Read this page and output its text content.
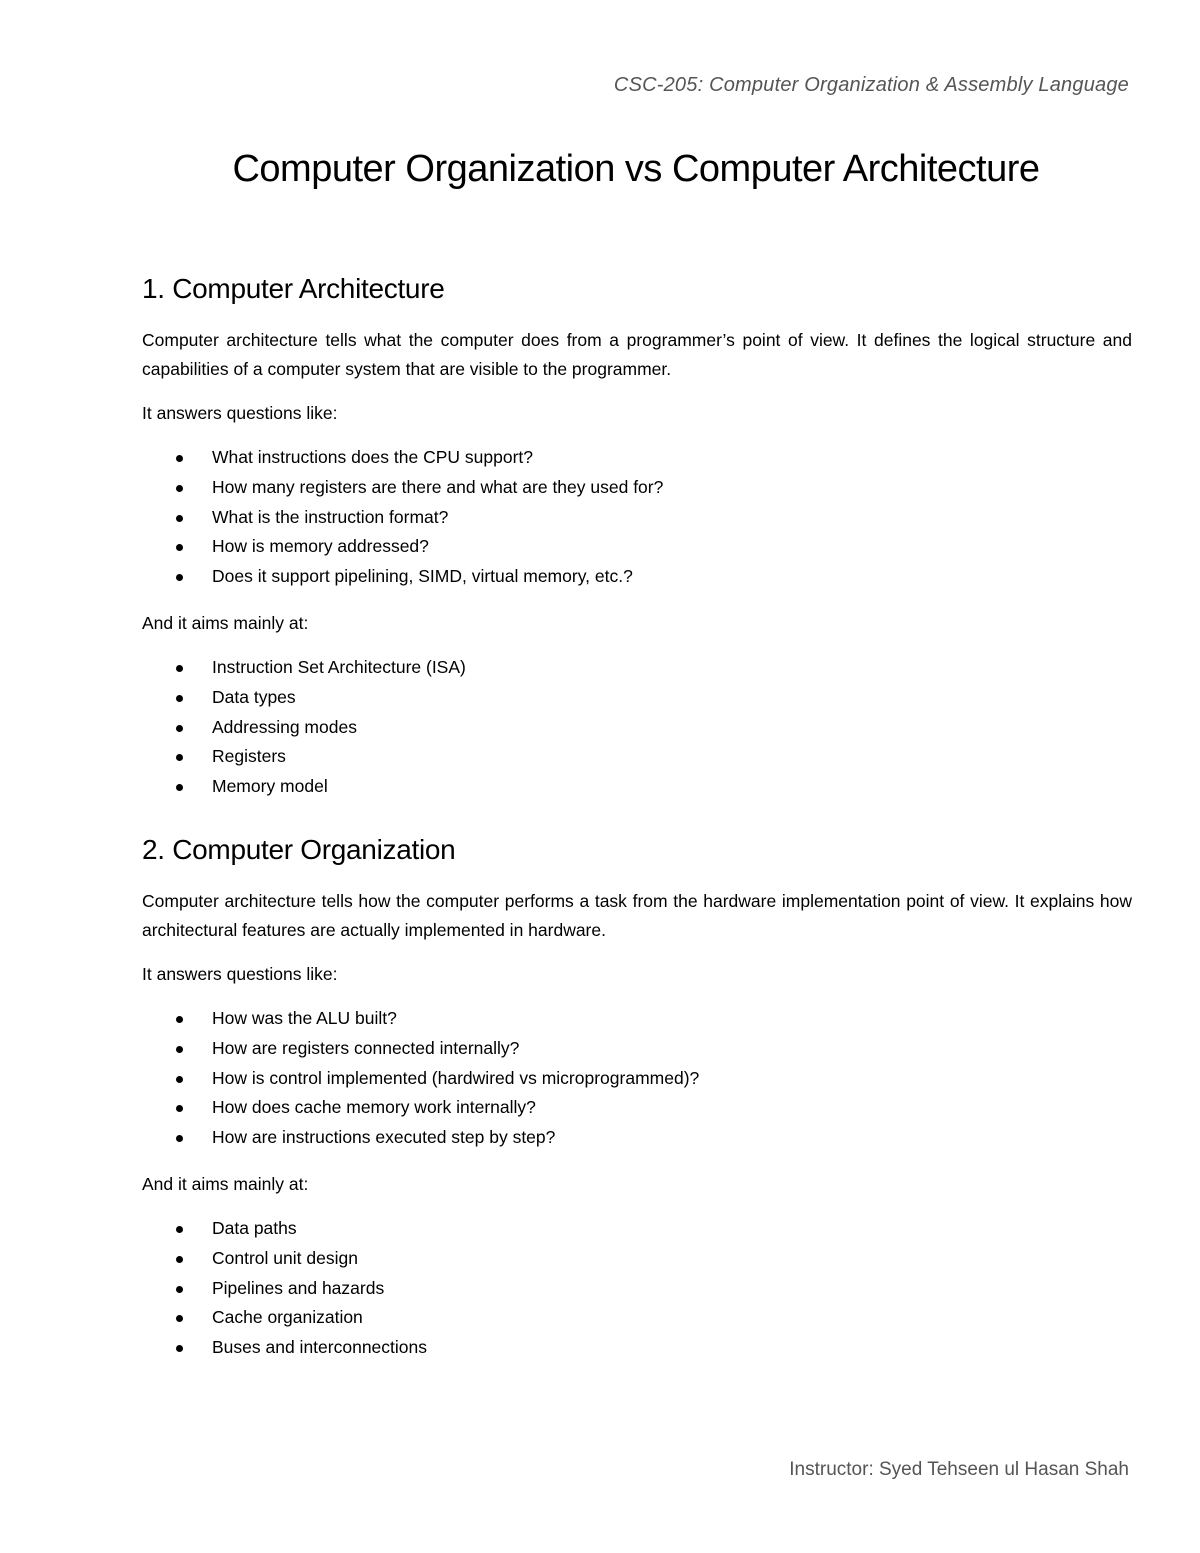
CSC-205: Computer Organization & Assembly Language
Computer Organization vs Computer Architecture
1. Computer Architecture

Computer architecture tells what the computer does from a programmer’s point of view. It defines the logical structure and capabilities of a computer system that are visible to the programmer.

It answers questions like:

What instructions does the CPU support?
How many registers are there and what are they used for?
What is the instruction format?
How is memory addressed?
Does it support pipelining, SIMD, virtual memory, etc.?

And it aims mainly at:

Instruction Set Architecture (ISA)
Data types
Addressing modes
Registers
Memory model
2. Computer Organization

Computer architecture tells how the computer performs a task from the hardware implementation point of view. It explains how architectural features are actually implemented in hardware.

It answers questions like:

How was the ALU built?
How are registers connected internally?
How is control implemented (hardwired vs microprogrammed)?
How does cache memory work internally?
How are instructions executed step by step?

And it aims mainly at:

Data paths
Control unit design
Pipelines and hazards
Cache organization
Buses and interconnections
Instructor: Syed Tehseen ul Hasan Shah
